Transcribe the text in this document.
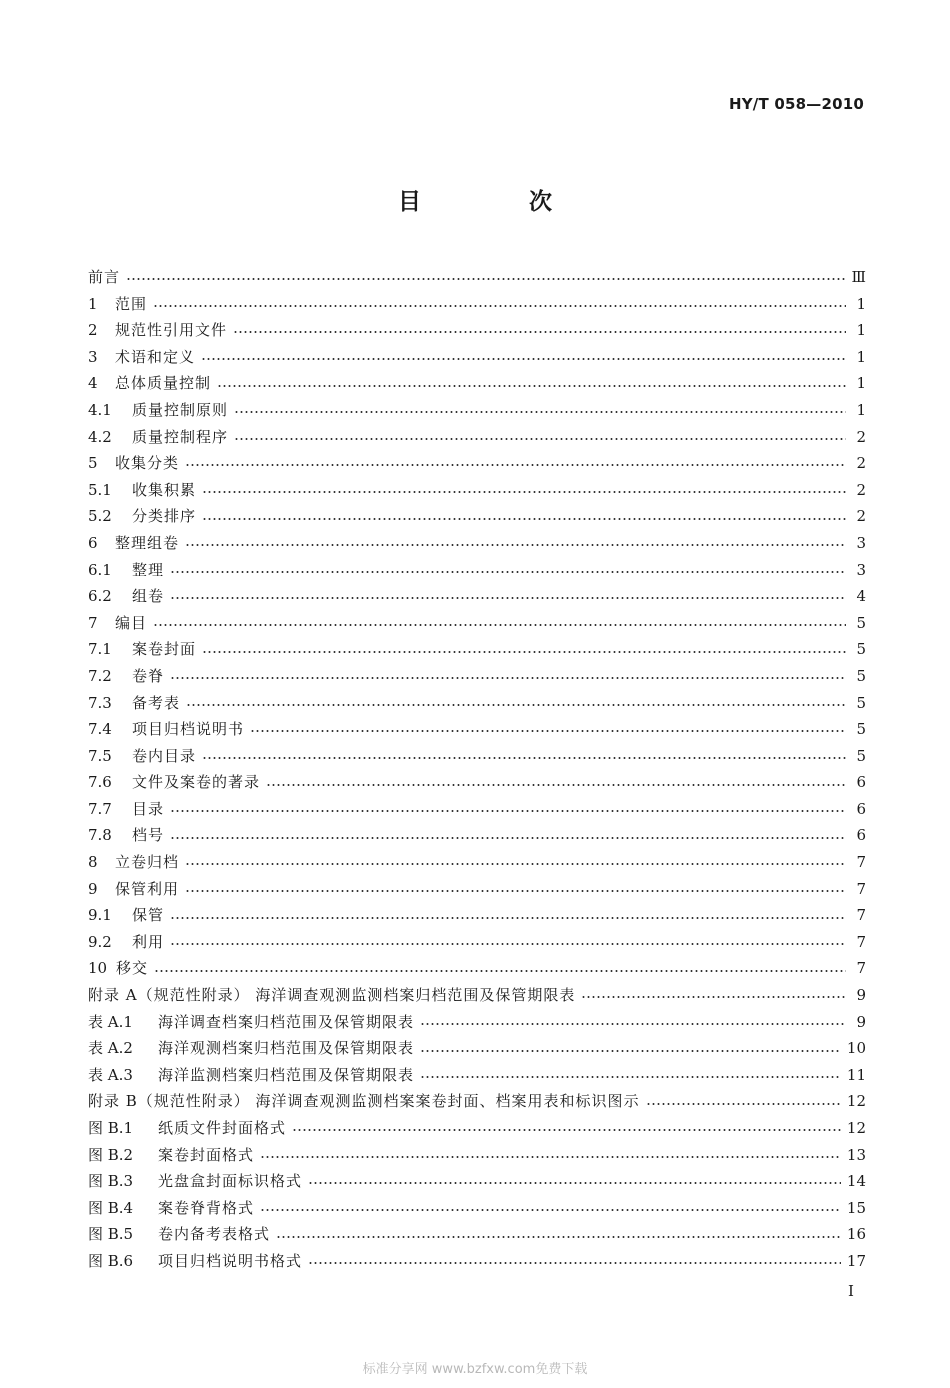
HY/T 058—2010
目 次
前言	Ⅲ
1	范围	1
2	规范性引用文件	1
3	术语和定义	1
4	总体质量控制	1
4.1	质量控制原则	1
4.2	质量控制程序	2
5	收集分类	2
5.1	收集积累	2
5.2	分类排序	2
6	整理组卷	3
6.1	整理	3
6.2	组卷	4
7	编目	5
7.1	案卷封面	5
7.2	卷脊	5
7.3	备考表	5
7.4	项目归档说明书	5
7.5	卷内目录	5
7.6	文件及案卷的著录	6
7.7	目录	6
7.8	档号	6
8	立卷归档	7
9	保管利用	7
9.1	保管	7
9.2	利用	7
10 移交	7
附录 A（规范性附录） 海洋调查观测监测档案归档范围及保管期限表	9
表 A.1	海洋调查档案归档范围及保管期限表	9
表 A.2	海洋观测档案归档范围及保管期限表	10
表 A.3	海洋监测档案归档范围及保管期限表	11
附录 B（规范性附录） 海洋调查观测监测档案案卷封面、档案用表和标识图示	12
图 B.1	纸质文件封面格式	12
图 B.2	案卷封面格式	13
图 B.3	光盘盒封面标识格式	14
图 B.4	案卷脊背格式	15
图 B.5	卷内备考表格式	16
图 B.6	项目归档说明书格式	17
I
标准分享网 www.bzfxw.com免费下载
